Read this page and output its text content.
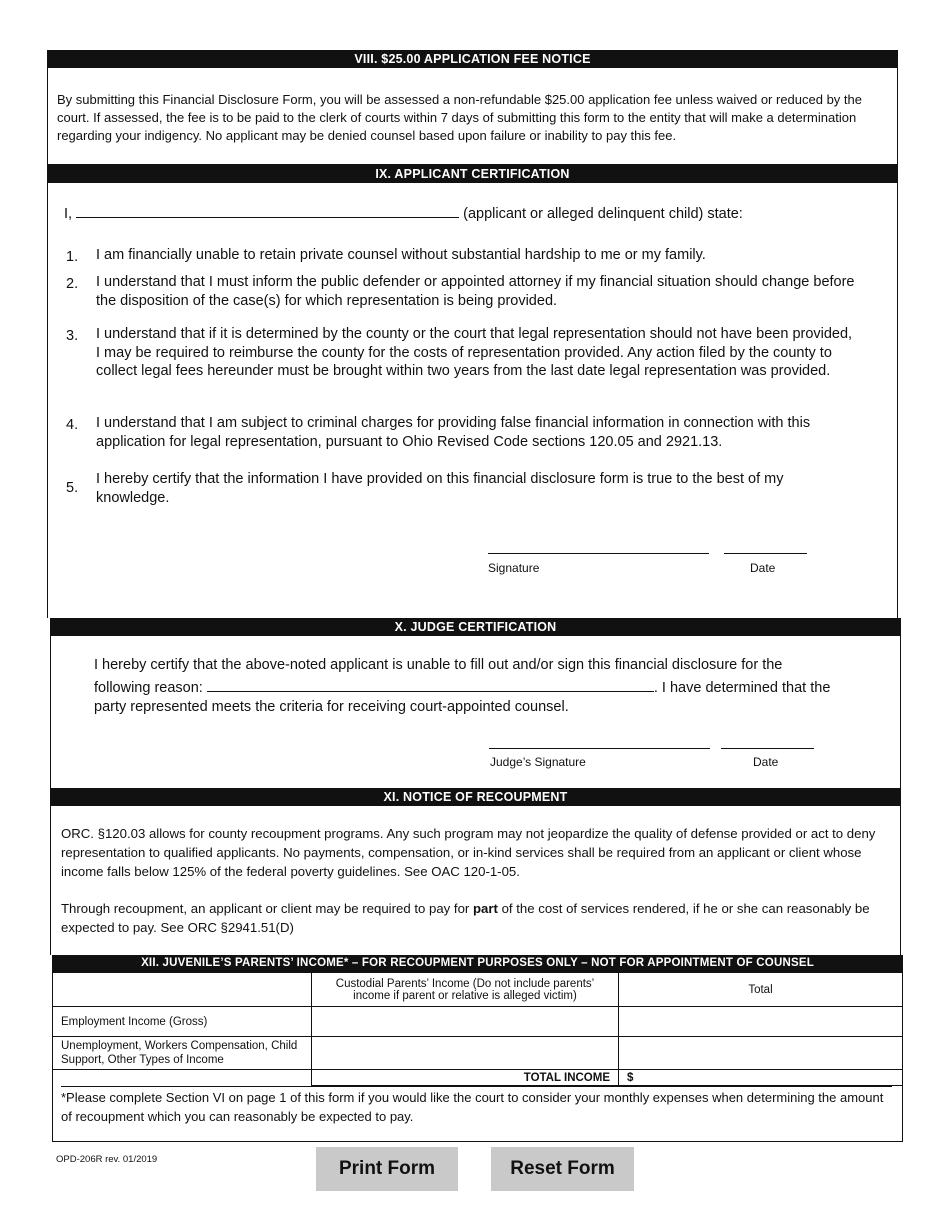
VIII. $25.00 APPLICATION FEE NOTICE
By submitting this Financial Disclosure Form, you will be assessed a non-refundable $25.00 application fee unless waived or reduced by the court. If assessed, the fee is to be paid to the clerk of courts within 7 days of submitting this form to the entity that will make a determination regarding your indigency. No applicant may be denied counsel based upon failure or inability to pay this fee.
IX. APPLICANT CERTIFICATION
I,	(applicant or alleged delinquent child) state:
1.	I am financially unable to retain private counsel without substantial hardship to me or my family.
2.	I understand that I must inform the public defender or appointed attorney if my financial situation should change before the disposition of the case(s) for which representation is being provided.
3.	I understand that if it is determined by the county or the court that legal representation should not have been provided, I may be required to reimburse the county for the costs of representation provided. Any action filed by the county to collect legal fees hereunder must be brought within two years from the last date legal representation was provided.
4.	I understand that I am subject to criminal charges for providing false financial information in connection with this application for legal representation, pursuant to Ohio Revised Code sections 120.05 and 2921.13.
5.
I hereby certify that the information I have provided on this financial disclosure form is true to the best of my knowledge.
Signature	Date
X. JUDGE CERTIFICATION
I hereby certify that the above-noted applicant is unable to fill out and/or sign this financial disclosure for the
following reason:	. I have determined that the
party represented meets the criteria for receiving court-appointed counsel.
Judge’s Signature	Date
XI. NOTICE OF RECOUPMENT
ORC. §120.03 allows for county recoupment programs. Any such program may not jeopardize the quality of defense provided or act to deny representation to qualified applicants. No payments, compensation, or in-kind services shall be required from an applicant or client whose income falls below 125% of the federal poverty guidelines. See OAC 120-1-05.
Through recoupment, an applicant or client may be required to pay for part of the cost of services rendered, if he or she can reasonably be expected to pay. See ORC §2941.51(D)
XII. JUVENILE’S PARENTS’ INCOME* – FOR RECOUPMENT PURPOSES ONLY – NOT FOR APPOINTMENT OF COUNSEL
	Custodial Parents’ Income (Do not include parents’ income if parent or relative is alleged victim)	Total
Employment Income (Gross)		
Unemployment, Workers Compensation, Child Support, Other Types of Income		
	TOTAL INCOME	$
*Please complete Section VI on page 1 of this form if you would like the court to consider your monthly expenses when determining the amount of recoupment which you can reasonably be expected to pay.
OPD-206R rev. 01/2019	Print Form	Reset Form
